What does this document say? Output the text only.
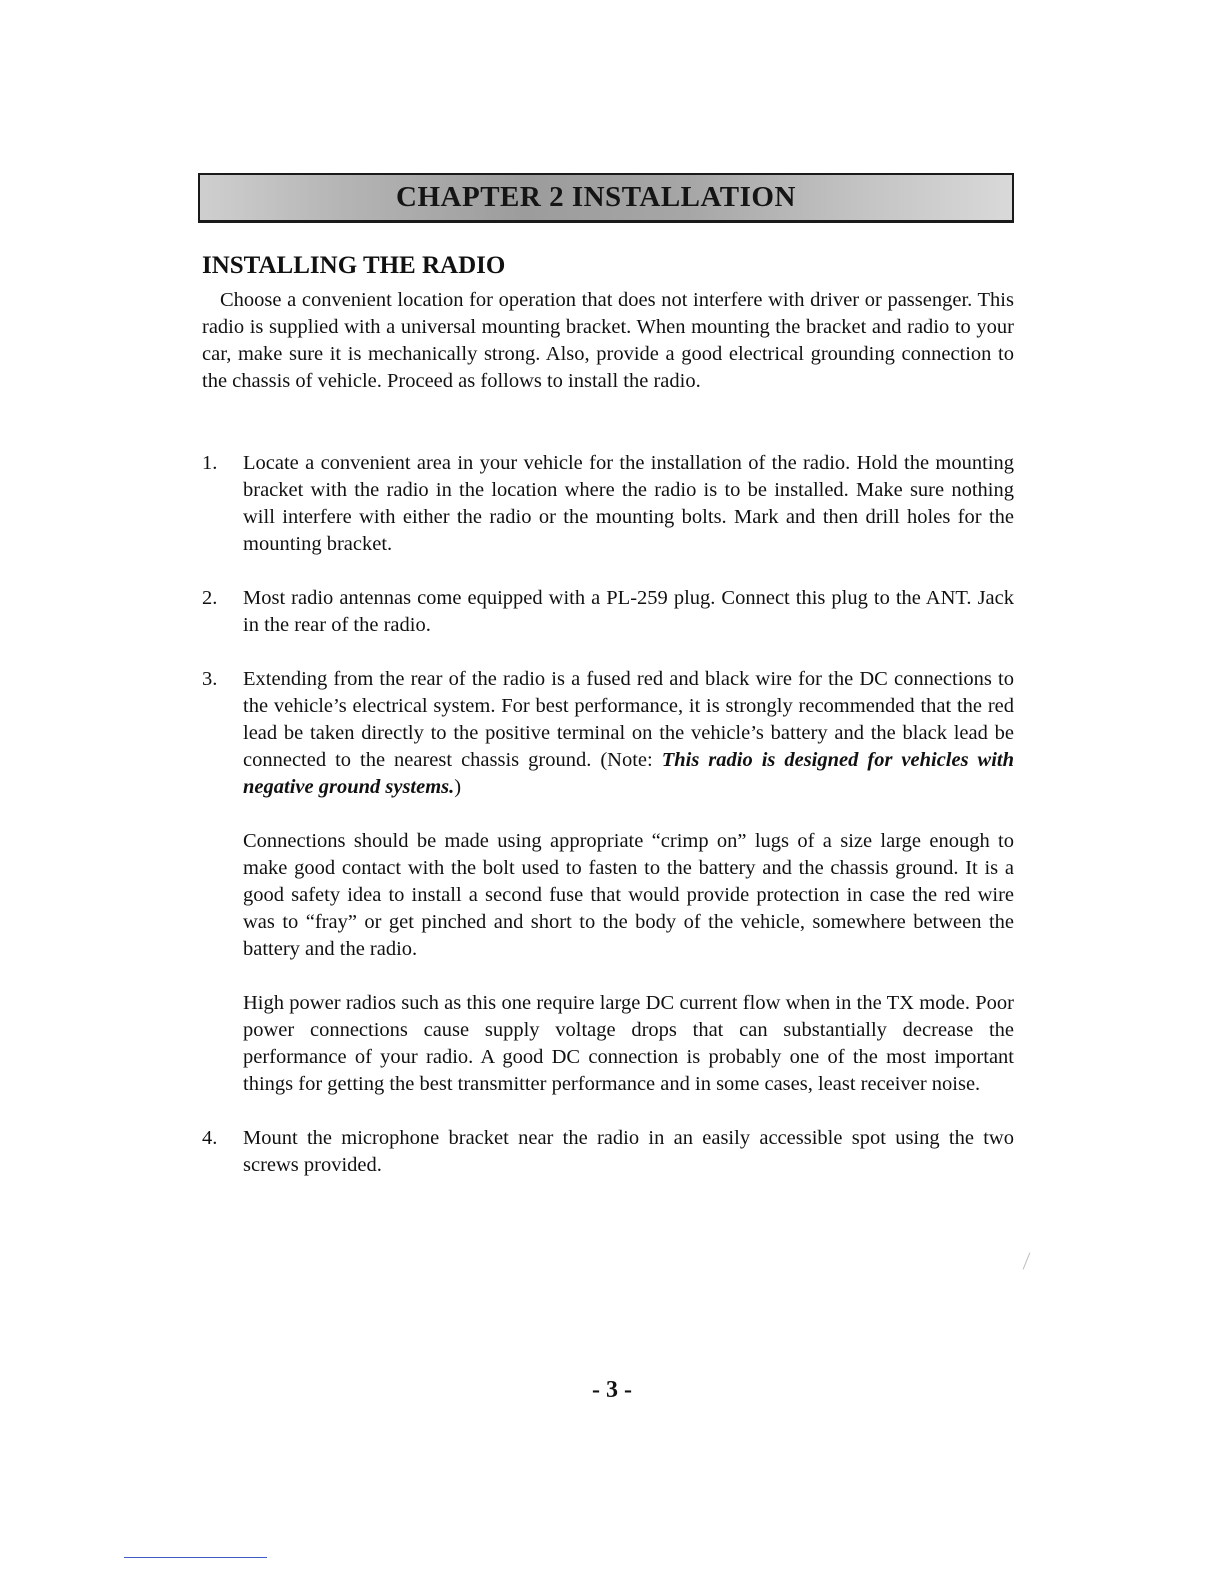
CHAPTER 2 INSTALLATION
INSTALLING THE RADIO

Choose a convenient location for operation that does not interfere with driver or passenger. This radio is supplied with a universal mounting bracket. When mounting the bracket and radio to your car, make sure it is mechanically strong. Also, provide a good electrical grounding connection to the chassis of vehicle. Proceed as follows to install the radio.

1. Locate a convenient area in your vehicle for the installation of the radio. Hold the mounting bracket with the radio in the location where the radio is to be installed. Make sure nothing will interfere with either the radio or the mounting bolts. Mark and then drill holes for the mounting bracket.

2. Most radio antennas come equipped with a PL-259 plug. Connect this plug to the ANT. Jack in the rear of the radio.

3. Extending from the rear of the radio is a fused red and black wire for the DC connections to the vehicle’s electrical system. For best performance, it is strongly recommended that the red lead be taken directly to the positive terminal on the vehicle’s battery and the black lead be connected to the nearest chassis ground. (Note: This radio is designed for vehicles with negative ground systems.)

Connections should be made using appropriate “crimp on” lugs of a size large enough to make good contact with the bolt used to fasten to the battery and the chassis ground. It is a good safety idea to install a second fuse that would provide protection in case the red wire was to “fray” or get pinched and short to the body of the vehicle, somewhere between the battery and the radio.

High power radios such as this one require large DC current flow when in the TX mode. Poor power connections cause supply voltage drops that can substantially decrease the performance of your radio. A good DC connection is probably one of the most important things for getting the best transmitter performance and in some cases, least receiver noise.

4. Mount the microphone bracket near the radio in an easily accessible spot using the two screws provided.

- 3 -
